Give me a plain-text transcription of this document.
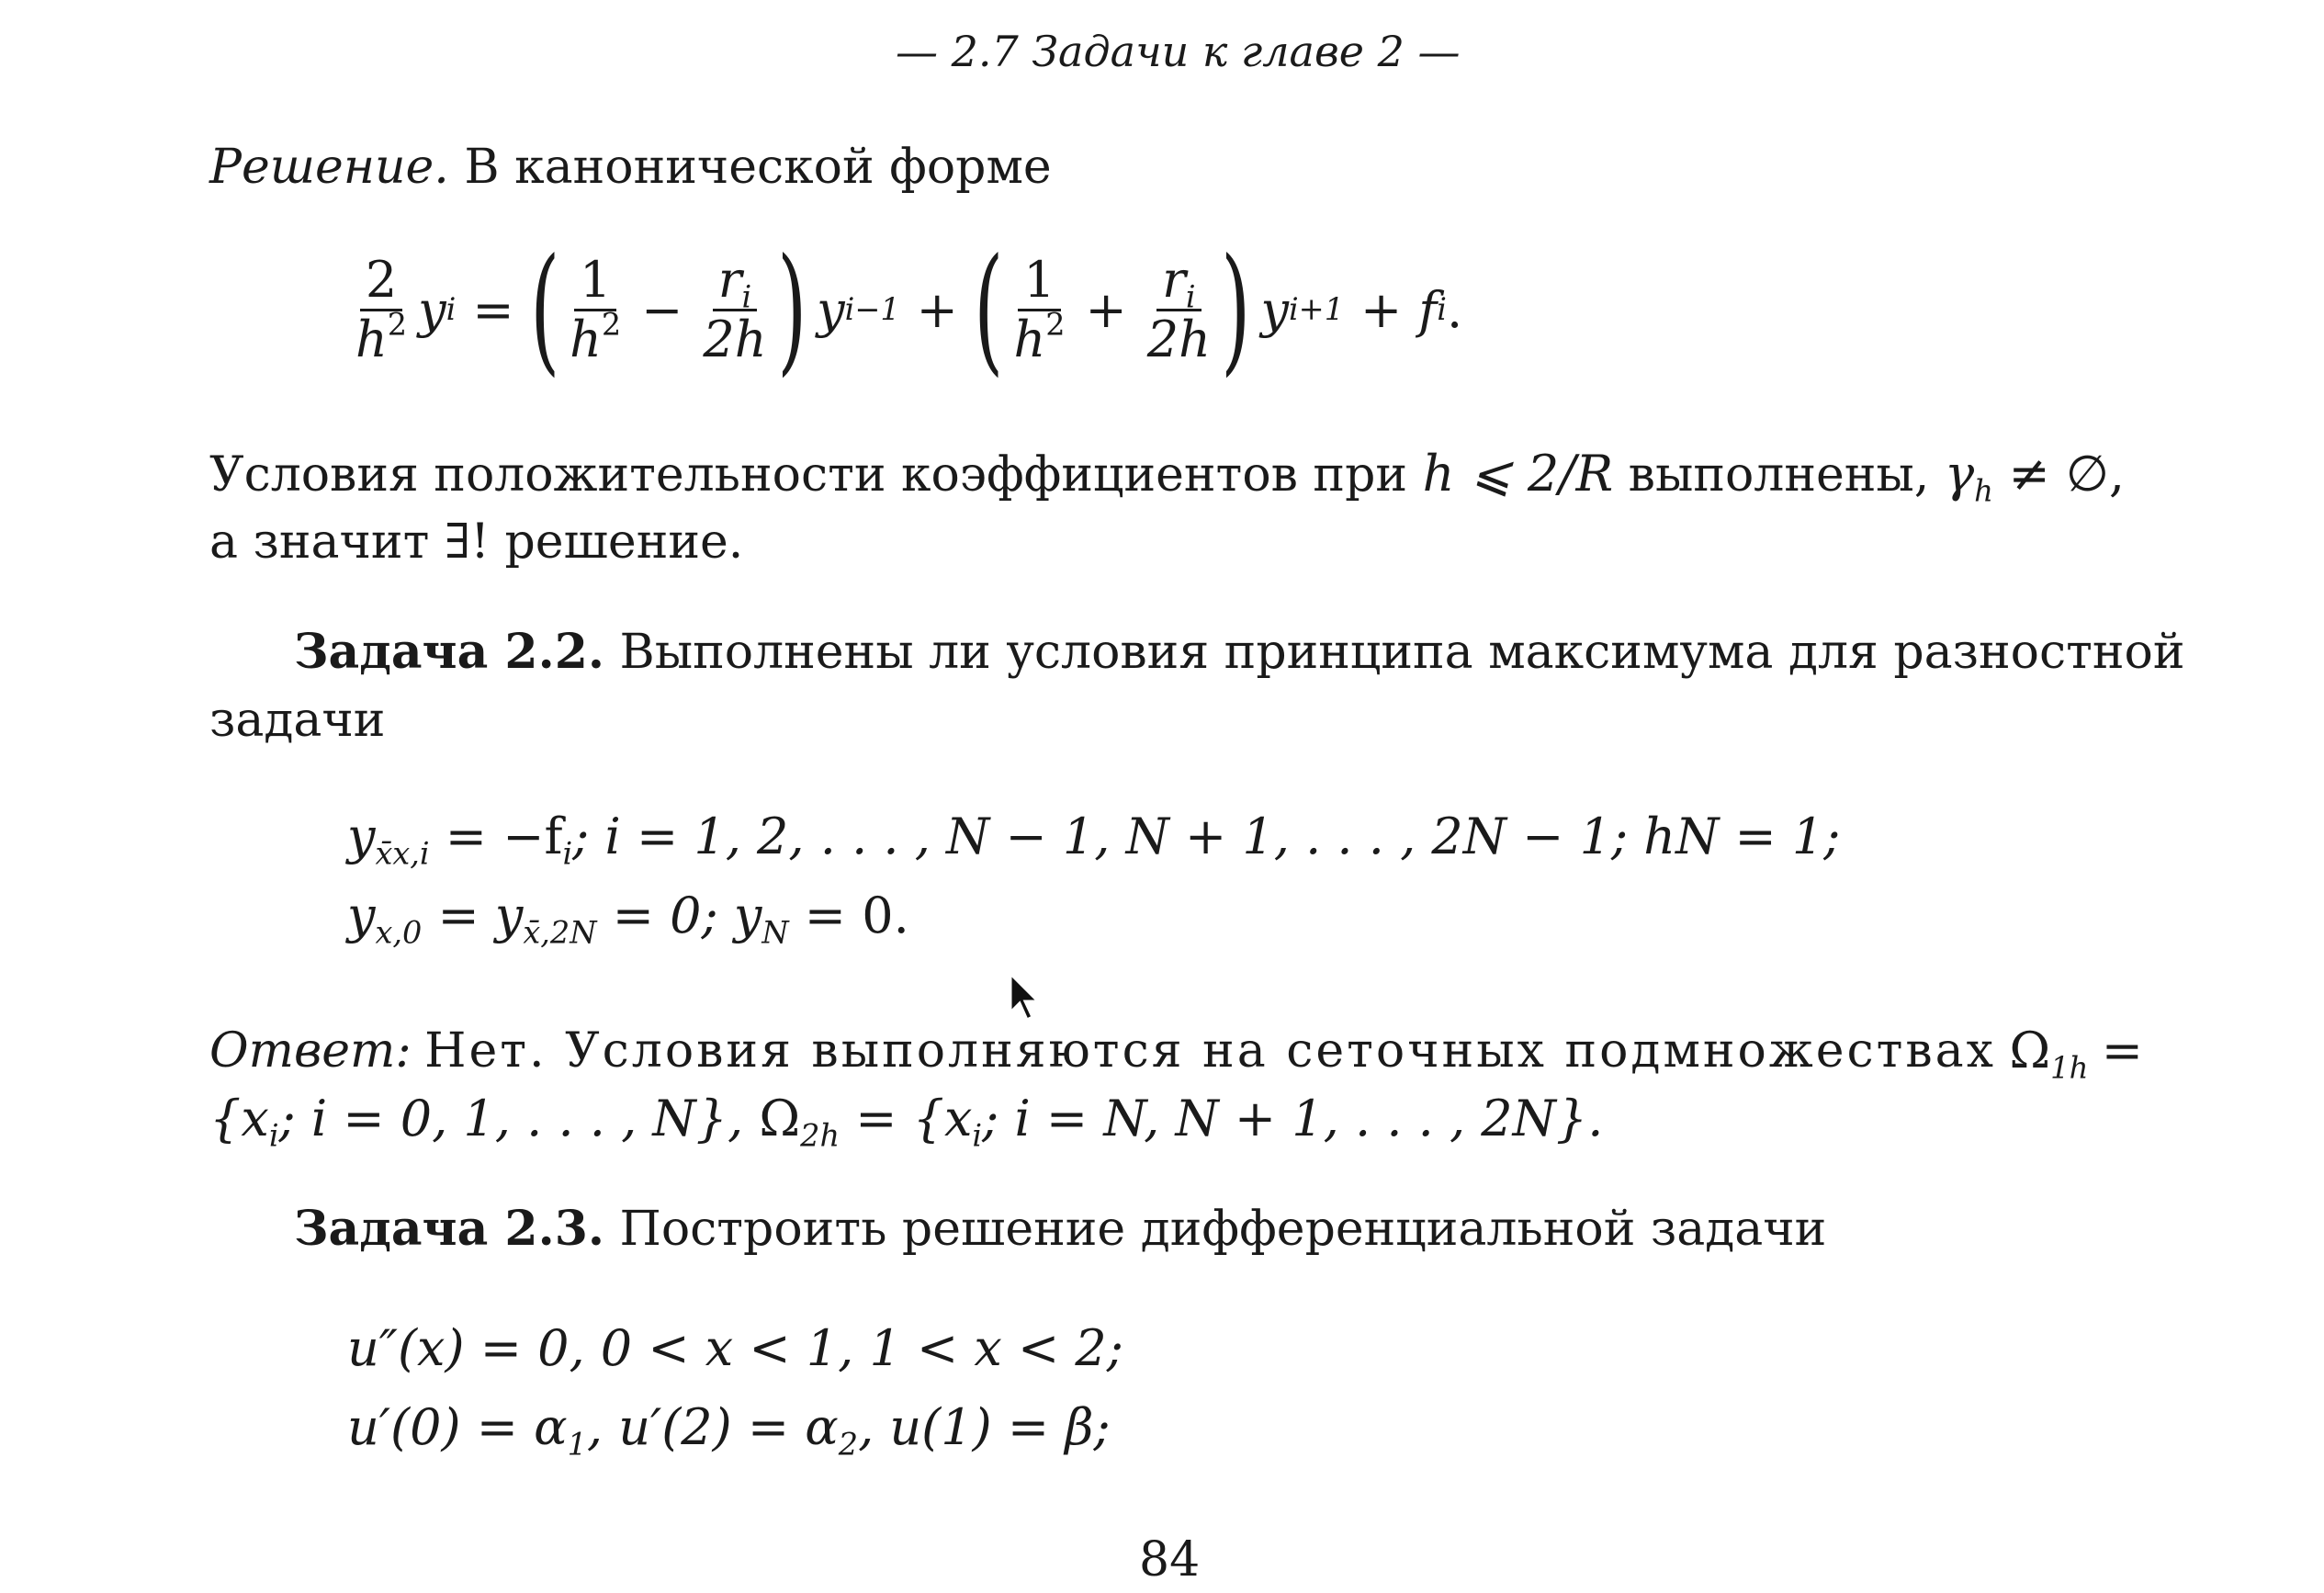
— 2.7 Задачи к главе 2 —
Решение. В канонической форме
$\frac{2}{h^2}$ y i = ( $\frac{1}{h^2} - \frac{r_i}{2h}$ ) y i−1 + ( $\frac{1}{h^2} + \frac{r_i}{2h}$ ) y i+1 + f i .
Условия положительности коэффициентов при h ⩽ 2/R выполнены, $\gamma_h$ ≠ ∅,
а значит ∃! решение.
Задача 2.2. Выполнены ли условия принципа максимума для разностной
задачи
$y_{x̄x,i} = -f_i$; i = 1, 2, . . . , N − 1, N + 1, . . . , 2N − 1; hN = 1;
$y_{x,0} = y_{x̄,2N} = 0$; $y_N = 0$.
Ответ: Нет. Условия выполняются на сеточных подмножествах $\Omega_{1h}$ =
{$x_i$; i = 0, 1, . . . , N}, $\Omega_{2h} = \{x_i$; i = N, N + 1, . . . , 2N}.
Задача 2.3. Построить решение дифференциальной задачи
u″(x) = 0, 0 < x < 1, 1 < x < 2;
$u'(0) = \alpha_1$, $u'(2) = \alpha_2$, u(1) = β;
84
